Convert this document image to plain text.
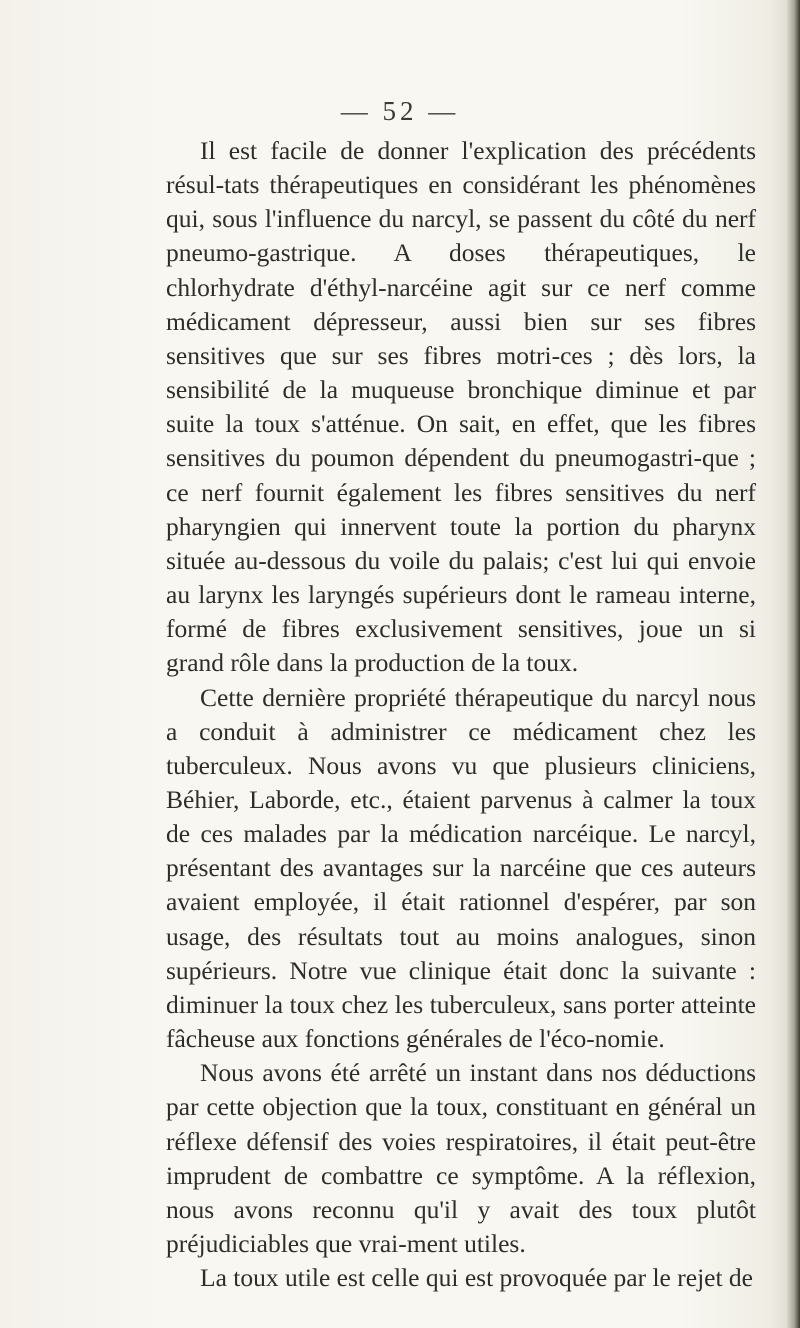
— 52 —

Il est facile de donner l'explication des précédents résul-tats thérapeutiques en considérant les phénomènes qui, sous l'influence du narcyl, se passent du côté du nerf pneumo-gastrique. A doses thérapeutiques, le chlorhydrate d'éthyl-narcéine agit sur ce nerf comme médicament dépresseur, aussi bien sur ses fibres sensitives que sur ses fibres motri-ces ; dès lors, la sensibilité de la muqueuse bronchique diminue et par suite la toux s'atténue. On sait, en effet, que les fibres sensitives du poumon dépendent du pneumogastri-que ; ce nerf fournit également les fibres sensitives du nerf pharyngien qui innervent toute la portion du pharynx située au-dessous du voile du palais; c'est lui qui envoie au larynx les laryngés supérieurs dont le rameau interne, formé de fibres exclusivement sensitives, joue un si grand rôle dans la production de la toux.

Cette dernière propriété thérapeutique du narcyl nous a conduit à administrer ce médicament chez les tuberculeux. Nous avons vu que plusieurs cliniciens, Béhier, Laborde, etc., étaient parvenus à calmer la toux de ces malades par la médication narcéique. Le narcyl, présentant des avantages sur la narcéine que ces auteurs avaient employée, il était rationnel d'espérer, par son usage, des résultats tout au moins analogues, sinon supérieurs. Notre vue clinique était donc la suivante : diminuer la toux chez les tuberculeux, sans porter atteinte fâcheuse aux fonctions générales de l'éco-nomie.

Nous avons été arrêté un instant dans nos déductions par cette objection que la toux, constituant en général un réflexe défensif des voies respiratoires, il était peut-être imprudent de combattre ce symptôme. A la réflexion, nous avons reconnu qu'il y avait des toux plutôt préjudiciables que vrai-ment utiles.

La toux utile est celle qui est provoquée par le rejet de
